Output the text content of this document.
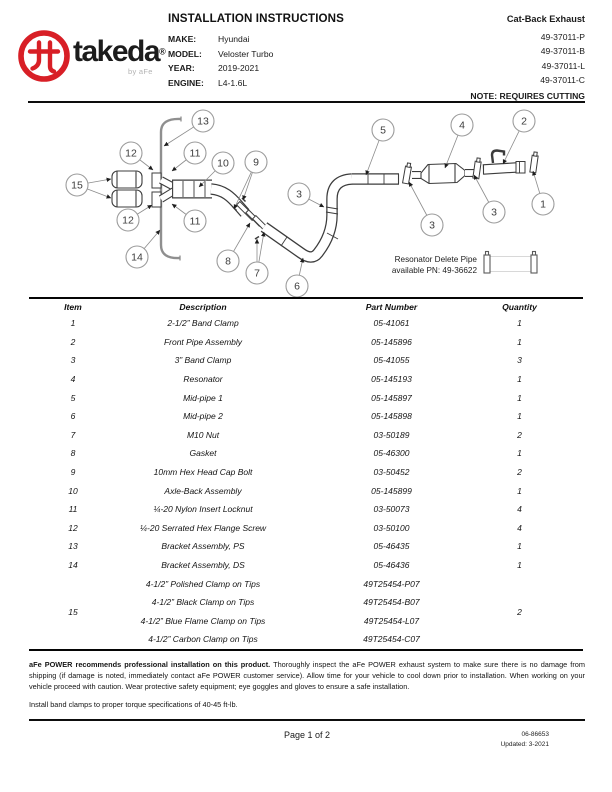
takeda®
by aFe
INSTALLATION INSTRUCTIONS
MAKE:	Hyundai
MODEL:	Veloster Turbo
YEAR:	2019-2021
ENGINE:	L4-1.6L
Cat-Back Exhaust
49-37011-P
49-37011-B
49-37011-L
49-37011-C
NOTE: REQUIRES CUTTING
Resonator Delete Pipe
available PN: 49-36622
13
12	11
10 9
15
12	11
14	8
7
6
3
5
3
4
3
2
1
Item	Description	Part Number	Quantity
1	2-1/2” Band Clamp	05-41061	1
2	Front Pipe Assembly	05-145896	1
3	3” Band Clamp	05-41055	3
4	Resonator	05-145193	1
5	Mid-pipe 1	05-145897	1
6	Mid-pipe 2	05-145898	1
7	M10 Nut	03-50189	2
8	Gasket	05-46300	1
9	10mm Hex Head Cap Bolt	03-50452	2
10	Axle-Back Assembly	05-145899	1
11	¼-20 Nylon Insert Locknut	03-50073	4
12	¼-20 Serrated Hex Flange Screw	03-50100	4
13	Bracket Assembly, PS	05-46435	1
14	Bracket Assembly, DS	05-46436	1
15	4-1/2” Polished Clamp on Tips	49T25454-P07	2
	4-1/2” Black Clamp on Tips	49T25454-B07	
	4-1/2” Blue Flame Clamp on Tips	49T25454-L07	
	4-1/2” Carbon Clamp on Tips	49T25454-C07	

aFe POWER recommends professional installation on this product. Thoroughly inspect the aFe POWER exhaust system to make sure there is no damage from shipping (if damage is noted, immediately contact aFe POWER customer service). Allow time for your vehicle to cool down prior to installation. When working on your vehicle proceed with caution. Wear protective safety equipment; eye goggles and gloves to ensure a safe installation.

Install band clamps to proper torque specifications of 40-45 ft-lb.

Page 1 of 2	06-86653
Updated: 3-2021
